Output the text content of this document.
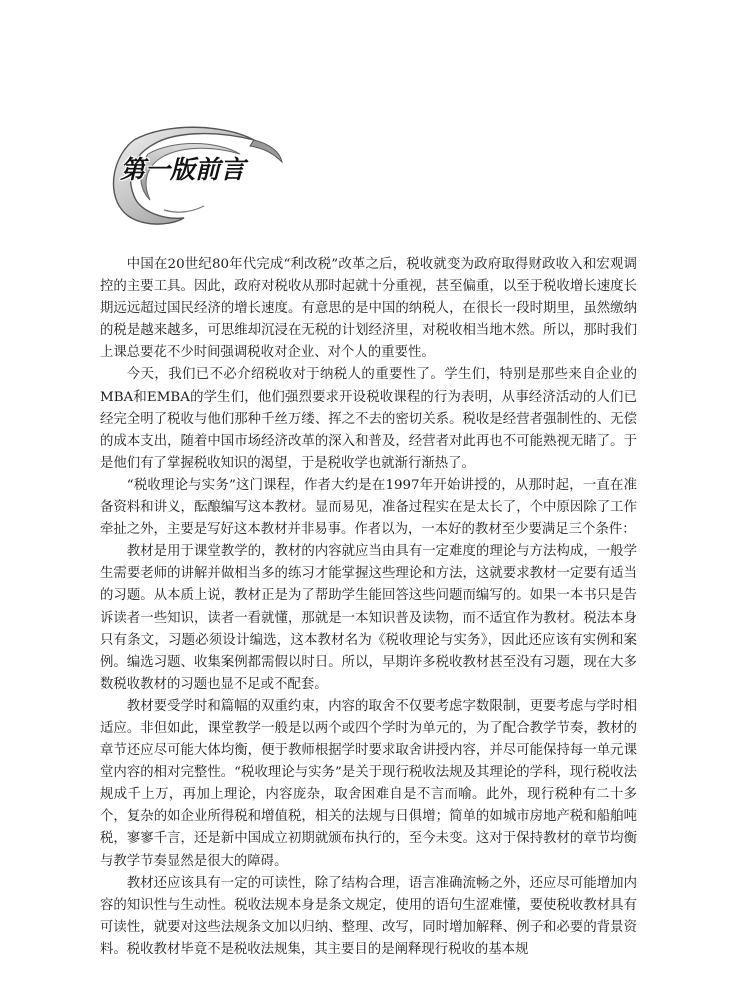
第一版前言

中国在20世纪80年代完成“利改税”改革之后，税收就变为政府取得财政收入和宏观调控的主要工具。因此，政府对税收从那时起就十分重视，甚至偏重，以至于税收增长速度长期远远超过国民经济的增长速度。有意思的是中国的纳税人，在很长一段时期里，虽然缴纳的税是越来越多，可思维却沉浸在无税的计划经济里，对税收相当地木然。所以，那时我们上课总要花不少时间强调税收对企业、对个人的重要性。

今天，我们已不必介绍税收对于纳税人的重要性了。学生们，特别是那些来自企业的MBA和EMBA的学生们，他们强烈要求开设税收课程的行为表明，从事经济活动的人们已经完全明了税收与他们那种千丝万缕、挥之不去的密切关系。税收是经营者强制性的、无偿的成本支出，随着中国市场经济改革的深入和普及，经营者对此再也不可能熟视无睹了。于是他们有了掌握税收知识的渴望，于是税收学也就渐行渐热了。

“税收理论与实务”这门课程，作者大约是在1997年开始讲授的，从那时起，一直在准备资料和讲义，酝酿编写这本教材。显而易见，准备过程实在是太长了，个中原因除了工作牵扯之外，主要是写好这本教材并非易事。作者以为，一本好的教材至少要满足三个条件：

教材是用于课堂教学的，教材的内容就应当由具有一定难度的理论与方法构成，一般学生需要老师的讲解并做相当多的练习才能掌握这些理论和方法，这就要求教材一定要有适当的习题。从本质上说，教材正是为了帮助学生能回答这些问题而编写的。如果一本书只是告诉读者一些知识，读者一看就懂，那就是一本知识普及读物，而不适宜作为教材。税法本身只有条文，习题必须设计编选，这本教材名为《税收理论与实务》，因此还应该有实例和案例。编选习题、收集案例都需假以时日。所以，早期许多税收教材甚至没有习题，现在大多数税收教材的习题也显不足或不配套。

教材要受学时和篇幅的双重约束，内容的取舍不仅要考虑字数限制，更要考虑与学时相适应。非但如此，课堂教学一般是以两个或四个学时为单元的，为了配合教学节奏，教材的章节还应尽可能大体均衡，便于教师根据学时要求取舍讲授内容，并尽可能保持每一单元课堂内容的相对完整性。“税收理论与实务”是关于现行税收法规及其理论的学科，现行税收法规成千上万，再加上理论，内容庞杂，取舍困难自是不言而喻。此外，现行税种有二十多个，复杂的如企业所得税和增值税，相关的法规与日俱增；简单的如城市房地产税和船舶吨税，寥寥千言，还是新中国成立初期就颁布执行的，至今未变。这对于保持教材的章节均衡与教学节奏显然是很大的障碍。

教材还应该具有一定的可读性，除了结构合理，语言准确流畅之外，还应尽可能增加内容的知识性与生动性。税收法规本身是条文规定，使用的语句生涩难懂，要使税收教材具有可读性，就要对这些法规条文加以归纳、整理、改写，同时增加解释、例子和必要的背景资料。税收教材毕竟不是税收法规集，其主要目的是阐释现行税收的基本规
